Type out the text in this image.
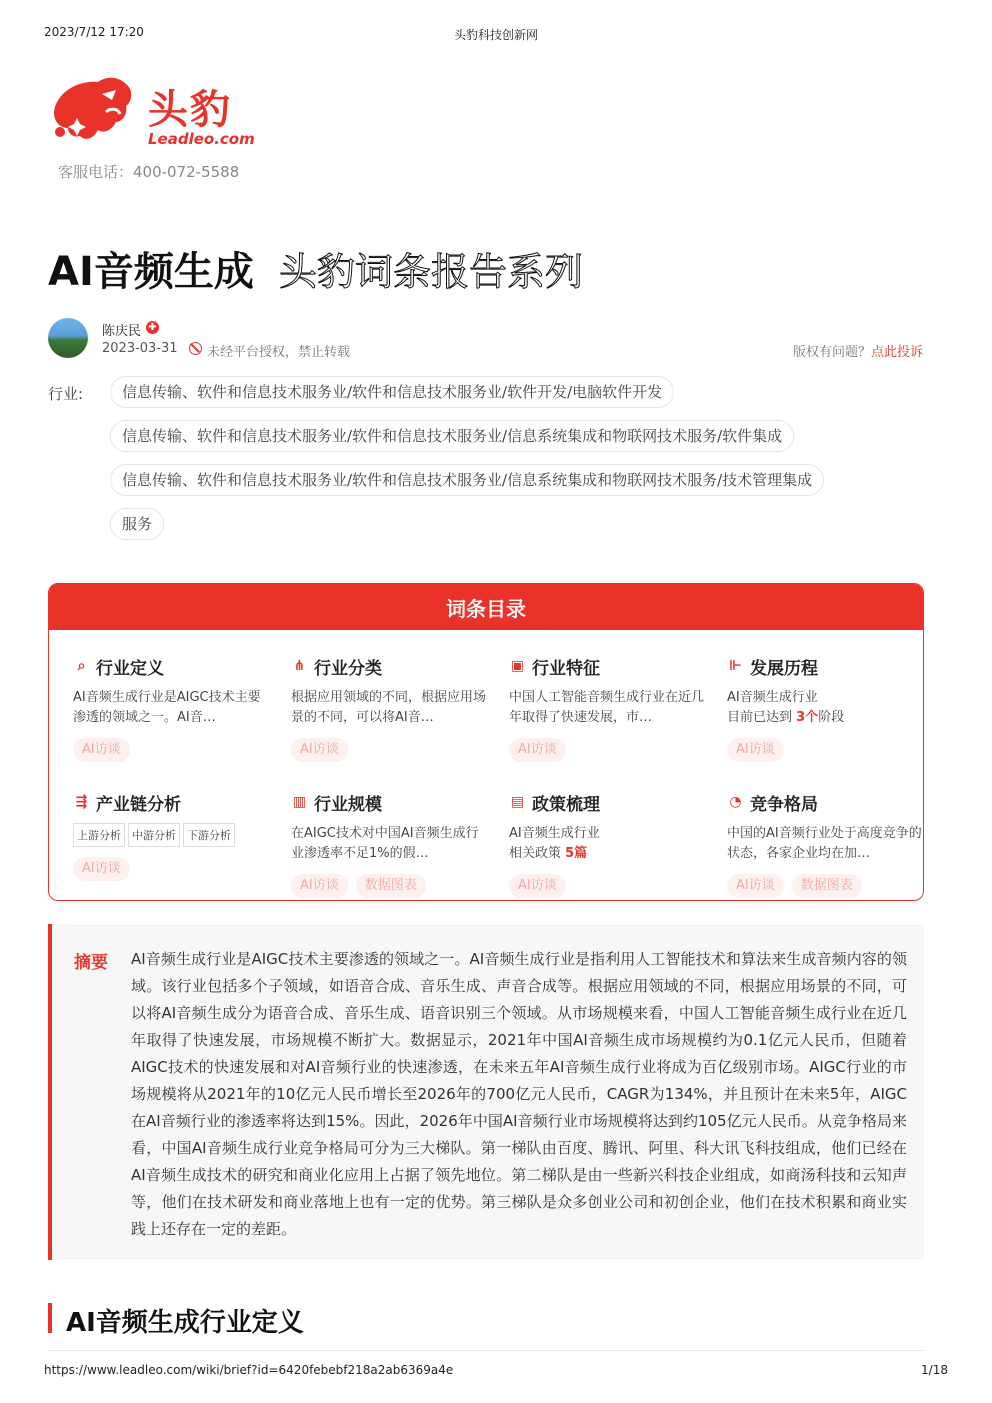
2023/7/12 17:20	头豹科技创新网
头豹
Leadleo.com
客服电话：400-072-5588
AI音频生成 头豹词条报告系列
陈庆民 ✚
2023-03-31 未经平台授权，禁止转载	版权有问题？点此投诉
行业:	信息传输、软件和信息技术服务业/软件和信息技术服务业/软件开发/电脑软件开发
信息传输、软件和信息技术服务业/软件和信息技术服务业/信息系统集成和物联网技术服务/软件集成
信息传输、软件和信息技术服务业/软件和信息技术服务业/信息系统集成和物联网技术服务/技术管理集成
服务
词条目录
⌕ 行业定义
AI音频生成行业是AIGC技术主要渗透的领域之一。AI音…
AI访谈
⋔ 行业分类
根据应用领域的不同，根据应用场景的不同，可以将AI音…
AI访谈
▣ 行业特征
中国人工智能音频生成行业在近几年取得了快速发展，市…
AI访谈
⊩ 发展历程
AI音频生成行业
目前已达到 3个阶段
AI访谈
⇶ 产业链分析
上游分析	中游分析	下游分析
AI访谈
▥ 行业规模
在AIGC技术对中国AI音频生成行业渗透率不足1%的假…
AI访谈 数据图表
▤ 政策梳理
AI音频生成行业
相关政策 5篇
AI访谈
◔ 竞争格局
中国的AI音频行业处于高度竞争的状态，各家企业均在加…
AI访谈 数据图表
摘要 AI音频生成行业是AIGC技术主要渗透的领域之一。AI音频生成行业是指利用人工智能技术和算法来生成音频内容的领域。该行业包括多个子领域，如语音合成、音乐生成、声音合成等。根据应用领域的不同，根据应用场景的不同，可以将AI音频生成分为语音合成、音乐生成、语音识别三个领域。从市场规模来看，中国人工智能音频生成行业在近几年取得了快速发展，市场规模不断扩大。数据显示，2021年中国AI音频生成市场规模约为0.1亿元人民币，但随着AIGC技术的快速发展和对AI音频行业的快速渗透，在未来五年AI音频生成行业将成为百亿级别市场。AIGC行业的市场规模将从2021年的10亿元人民币增长至2026年的700亿元人民币，CAGR为134%，并且预计在未来5年，AIGC在AI音频行业的渗透率将达到15%。因此，2026年中国AI音频行业市场规模将达到约105亿元人民币。从竞争格局来看，中国AI音频生成行业竞争格局可分为三大梯队。第一梯队由百度、腾讯、阿里、科大讯飞科技组成，他们已经在AI音频生成技术的研究和商业化应用上占据了领先地位。第二梯队是由一些新兴科技企业组成，如商汤科技和云知声等，他们在技术研发和商业落地上也有一定的优势。第三梯队是众多创业公司和初创企业，他们在技术积累和商业实践上还存在一定的差距。
AI音频生成行业定义
https://www.leadleo.com/wiki/brief?id=6420febebf218a2ab6369a4e	1/18
